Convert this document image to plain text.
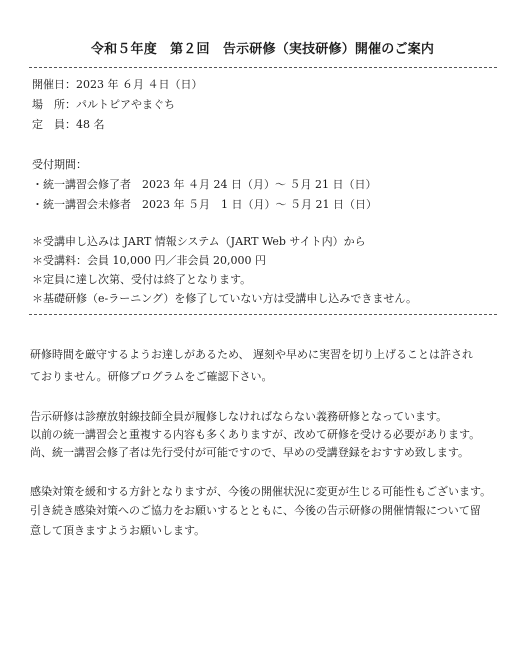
令和５年度　第２回　告示研修（実技研修）開催のご案内
開催日：2023 年 ６月 ４日（日）
場　所：パルトピアやまぐち
定　員：48 名
受付期間：
・統一講習会修了者　2023 年 ４月 24 日（月）～ ５月 21 日（日）
・統一講習会未修者　2023 年 ５月　1 日（月）～ ５月 21 日（日）
＊受講申し込みは JART 情報システム（JART Web サイト内）から
＊受講料：会員 10,000 円／非会員 20,000 円
＊定員に達し次第、受付は終了となります。
＊基礎研修（e-ラーニング）を修了していない方は受講申し込みできません。
研修時間を厳守するようお達しがあるため、 遅刻や早めに実習を切り上げることは許され
ておりません。研修プログラムをご確認下さい。
告示研修は診療放射線技師全員が履修しなければならない義務研修となっています。
以前の統一講習会と重複する内容も多くありますが、改めて研修を受ける必要があります。
尚、統一講習会修了者は先行受付が可能ですので、早めの受講登録をおすすめ致します。
感染対策を緩和する方針となりますが、今後の開催状況に変更が生じる可能性もございます。
引き続き感染対策へのご協力をお願いするとともに、今後の告示研修の開催情報について留
意して頂きますようお願いします。
